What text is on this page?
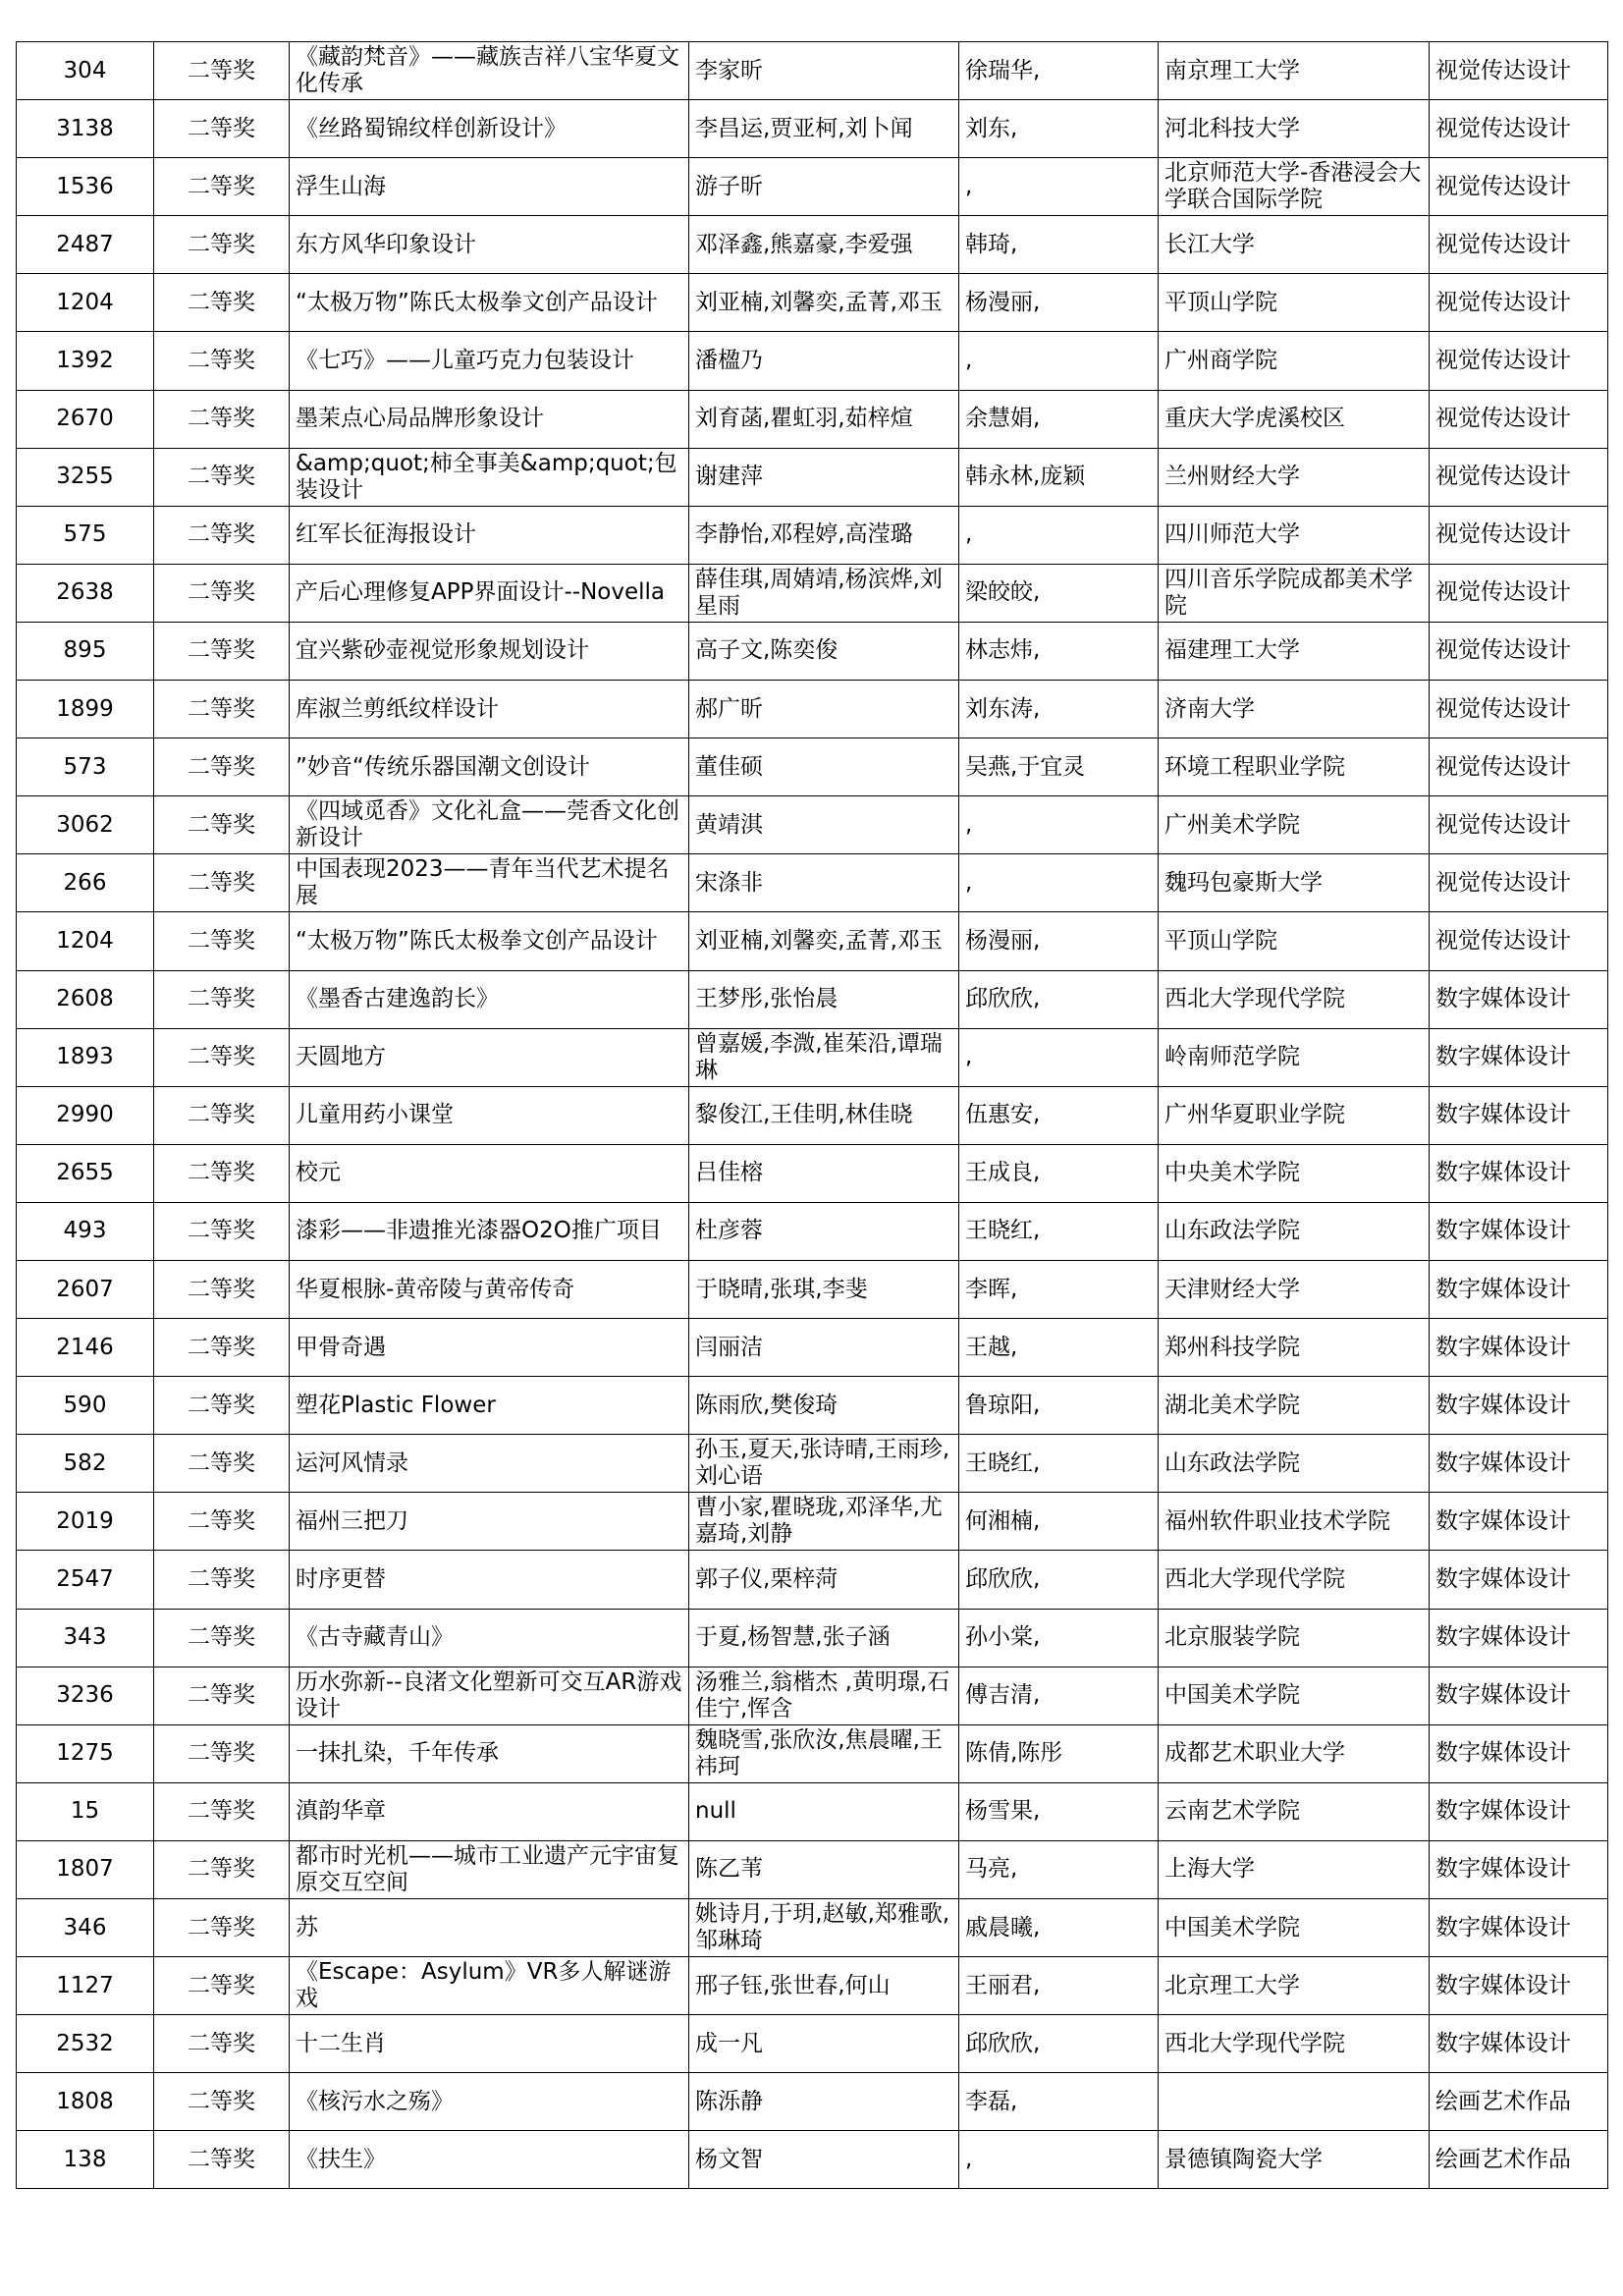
304	二等奖	《藏韵梵音》——藏族吉祥八宝华夏文化传承	李家昕	徐瑞华,	南京理工大学	视觉传达设计
3138	二等奖	《丝路蜀锦纹样创新设计》	李昌运,贾亚柯,刘卜闻	刘东,	河北科技大学	视觉传达设计
1536	二等奖	浮生山海	游子昕	,	北京师范大学-香港浸会大学联合国际学院	视觉传达设计
2487	二等奖	东方风华印象设计	邓泽鑫,熊嘉豪,李爱强	韩琦,	长江大学	视觉传达设计
1204	二等奖	“太极万物”陈氏太极拳文创产品设计	刘亚楠,刘馨奕,孟菁,邓玉	杨漫丽,	平顶山学院	视觉传达设计
1392	二等奖	《七巧》——儿童巧克力包装设计	潘楹乃	,	广州商学院	视觉传达设计
2670	二等奖	墨茉点心局品牌形象设计	刘育菡,瞿虹羽,茹梓煊	余慧娟,	重庆大学虎溪校区	视觉传达设计
3255	二等奖	&amp;quot;柿全事美&amp;quot;包装设计	谢建萍	韩永林,庞颖	兰州财经大学	视觉传达设计
575	二等奖	红军长征海报设计	李静怡,邓程婷,高滢璐	,	四川师范大学	视觉传达设计
2638	二等奖	产后心理修复APP界面设计--Novella	薛佳琪,周婧靖,杨滨烨,刘星雨	梁皎皎,	四川音乐学院成都美术学院	视觉传达设计
895	二等奖	宜兴紫砂壶视觉形象规划设计	高子文,陈奕俊	林志炜,	福建理工大学	视觉传达设计
1899	二等奖	库淑兰剪纸纹样设计	郝广昕	刘东涛,	济南大学	视觉传达设计
573	二等奖	”妙音“传统乐器国潮文创设计	董佳硕	吴燕,于宜灵	环境工程职业学院	视觉传达设计
3062	二等奖	《四域觅香》文化礼盒——莞香文化创新设计	黄靖淇	,	广州美术学院	视觉传达设计
266	二等奖	中国表现2023——青年当代艺术提名展	宋涤非	,	魏玛包豪斯大学	视觉传达设计
1204	二等奖	“太极万物”陈氏太极拳文创产品设计	刘亚楠,刘馨奕,孟菁,邓玉	杨漫丽,	平顶山学院	视觉传达设计
2608	二等奖	《墨香古建逸韵长》	王梦彤,张怡晨	邱欣欣,	西北大学现代学院	数字媒体设计
1893	二等奖	天圆地方	曾嘉媛,李溦,崔茱沿,谭瑞琳	,	岭南师范学院	数字媒体设计
2990	二等奖	儿童用药小课堂	黎俊江,王佳明,林佳晓	伍惠安,	广州华夏职业学院	数字媒体设计
2655	二等奖	校元	吕佳榕	王成良,	中央美术学院	数字媒体设计
493	二等奖	漆彩——非遗推光漆器O2O推广项目	杜彦蓉	王晓红,	山东政法学院	数字媒体设计
2607	二等奖	华夏根脉-黄帝陵与黄帝传奇	于晓晴,张琪,李斐	李晖,	天津财经大学	数字媒体设计
2146	二等奖	甲骨奇遇	闫丽洁	王越,	郑州科技学院	数字媒体设计
590	二等奖	塑花Plastic Flower	陈雨欣,樊俊琦	鲁琼阳,	湖北美术学院	数字媒体设计
582	二等奖	运河风情录	孙玉,夏天,张诗晴,王雨珍,刘心语	王晓红,	山东政法学院	数字媒体设计
2019	二等奖	福州三把刀	曹小家,瞿晓珑,邓泽华,尤嘉琦,刘静	何湘楠,	福州软件职业技术学院	数字媒体设计
2547	二等奖	时序更替	郭子仪,栗梓菏	邱欣欣,	西北大学现代学院	数字媒体设计
343	二等奖	《古寺藏青山》	于夏,杨智慧,张子涵	孙小棠,	北京服装学院	数字媒体设计
3236	二等奖	历水弥新--良渚文化塑新可交互AR游戏设计	汤雅兰,翁楷杰 ,黄明璟,石佳宁,恽含	傅吉清,	中国美术学院	数字媒体设计
1275	二等奖	一抹扎染，千年传承	魏晓雪,张欣汝,焦晨曜,王祎珂	陈倩,陈彤	成都艺术职业大学	数字媒体设计
15	二等奖	滇韵华章	null	杨雪果,	云南艺术学院	数字媒体设计
1807	二等奖	都市时光机——城市工业遗产元宇宙复原交互空间	陈乙苇	马亮,	上海大学	数字媒体设计
346	二等奖	苏	姚诗月,于玥,赵敏,郑雅歌,邹琳琦	戚晨曦,	中国美术学院	数字媒体设计
1127	二等奖	《Escape：Asylum》VR多人解谜游戏	邢子钰,张世春,何山	王丽君,	北京理工大学	数字媒体设计
2532	二等奖	十二生肖	成一凡	邱欣欣,	西北大学现代学院	数字媒体设计
1808	二等奖	《核污水之殇》	陈泺静	李磊,		绘画艺术作品
138	二等奖	《扶生》	杨文智	,	景德镇陶瓷大学	绘画艺术作品
